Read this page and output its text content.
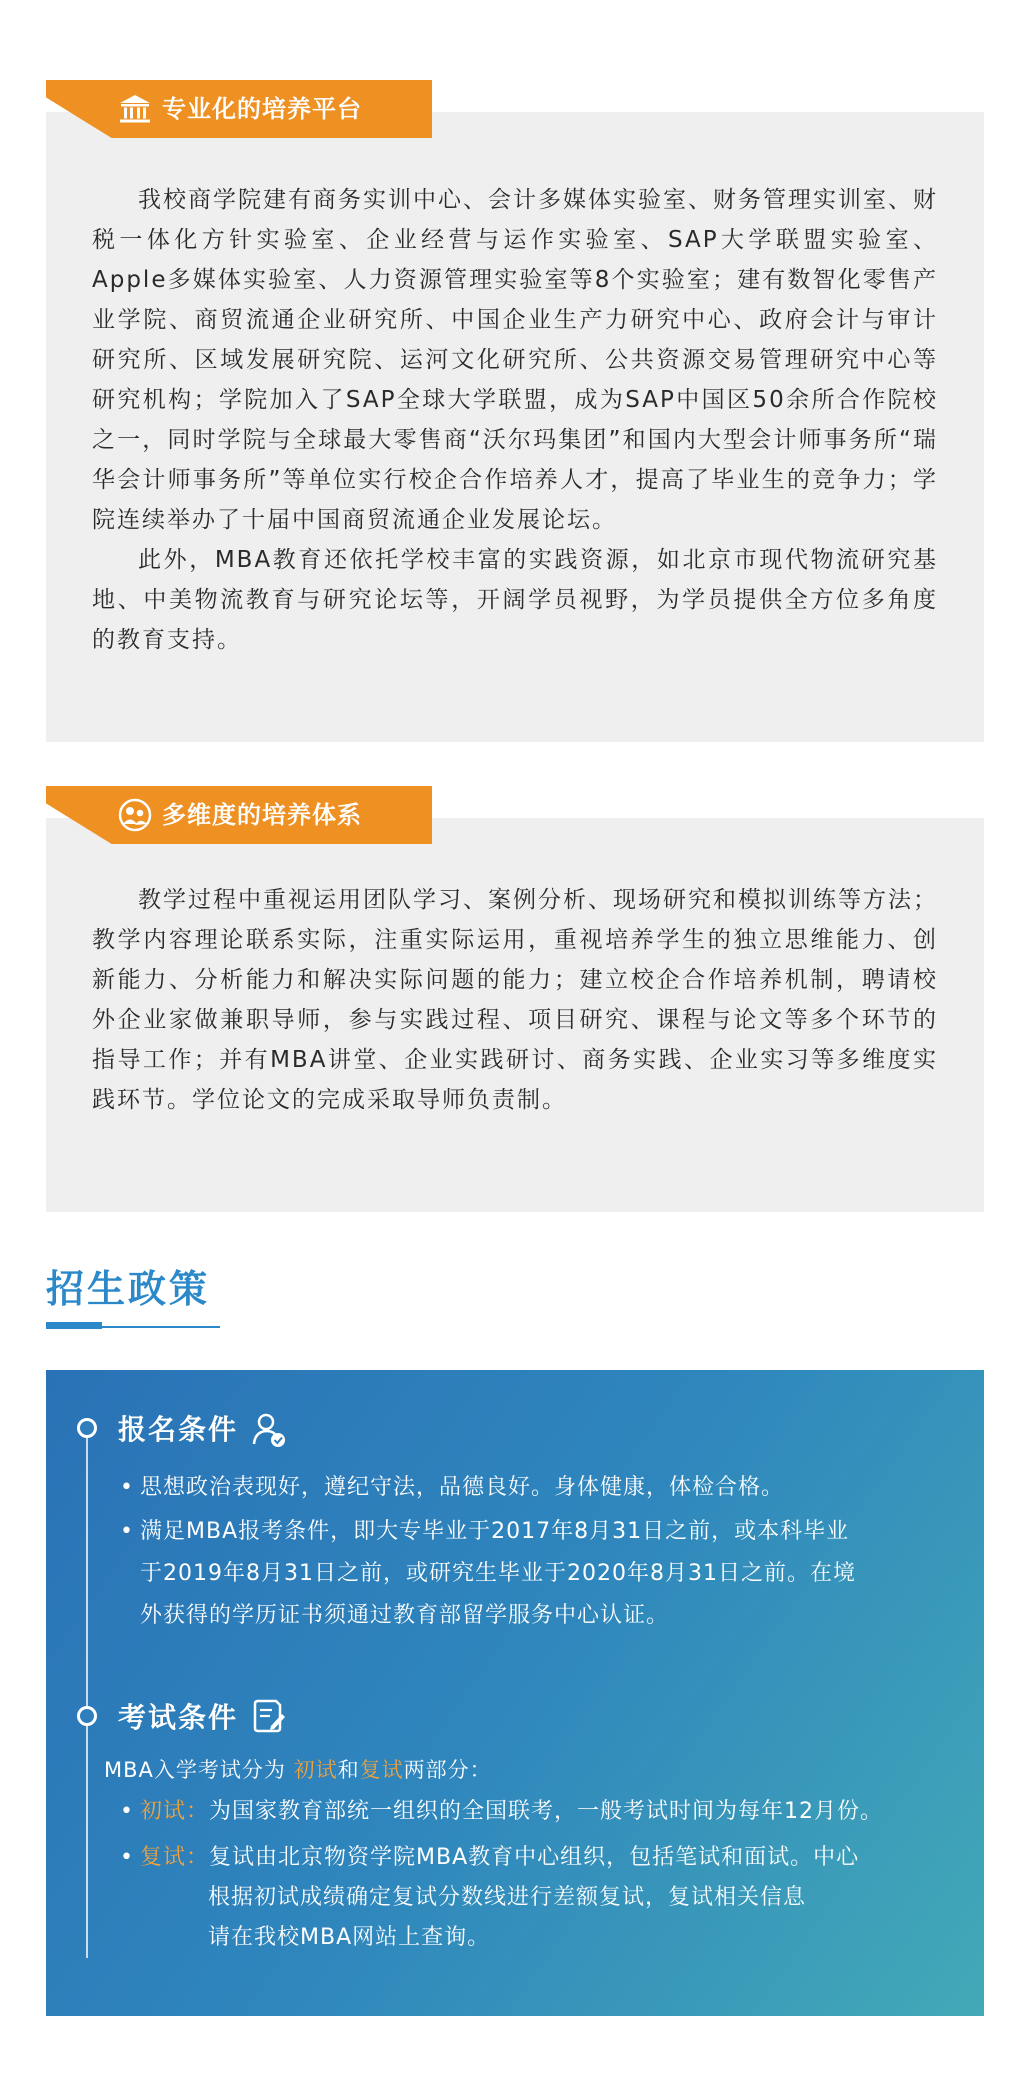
专业化的培养平台

我校商学院建有商务实训中心、会计多媒体实验室、财务管理实训室、财税一体化方针实验室、企业经营与运作实验室、SAP大学联盟实验室、Apple多媒体实验室、人力资源管理实验室等8个实验室；建有数智化零售产业学院、商贸流通企业研究所、中国企业生产力研究中心、政府会计与审计研究所、区域发展研究院、运河文化研究所、公共资源交易管理研究中心等研究机构；学院加入了SAP全球大学联盟，成为SAP中国区50余所合作院校之一，同时学院与全球最大零售商“沃尔玛集团”和国内大型会计师事务所“瑞华会计师事务所”等单位实行校企合作培养人才，提高了毕业生的竞争力；学院连续举办了十届中国商贸流通企业发展论坛。

此外，MBA教育还依托学校丰富的实践资源，如北京市现代物流研究基地、中美物流教育与研究论坛等，开阔学员视野，为学员提供全方位多角度的教育支持。

多维度的培养体系

教学过程中重视运用团队学习、案例分析、现场研究和模拟训练等方法；教学内容理论联系实际，注重实际运用，重视培养学生的独立思维能力、创新能力、分析能力和解决实际问题的能力；建立校企合作培养机制，聘请校外企业家做兼职导师，参与实践过程、项目研究、课程与论文等多个环节的指导工作；并有MBA讲堂、企业实践研讨、商务实践、企业实习等多维度实践环节。学位论文的完成采取导师负责制。

招生政策
报名条件
• 思想政治表现好，遵纪守法，品德良好。身体健康，体检合格。
• 满足MBA报考条件，即大专毕业于2017年8月31日之前，或本科毕业
于2019年8月31日之前，或研究生毕业于2020年8月31日之前。在境
外获得的学历证书须通过教育部留学服务中心认证。
考试条件
MBA入学考试分为 初试和复试两部分：
• 初试：为国家教育部统一组织的全国联考，一般考试时间为每年12月份。
• 复试：复试由北京物资学院MBA教育中心组织，包括笔试和面试。中心
根据初试成绩确定复试分数线进行差额复试，复试相关信息
请在我校MBA网站上查询。
